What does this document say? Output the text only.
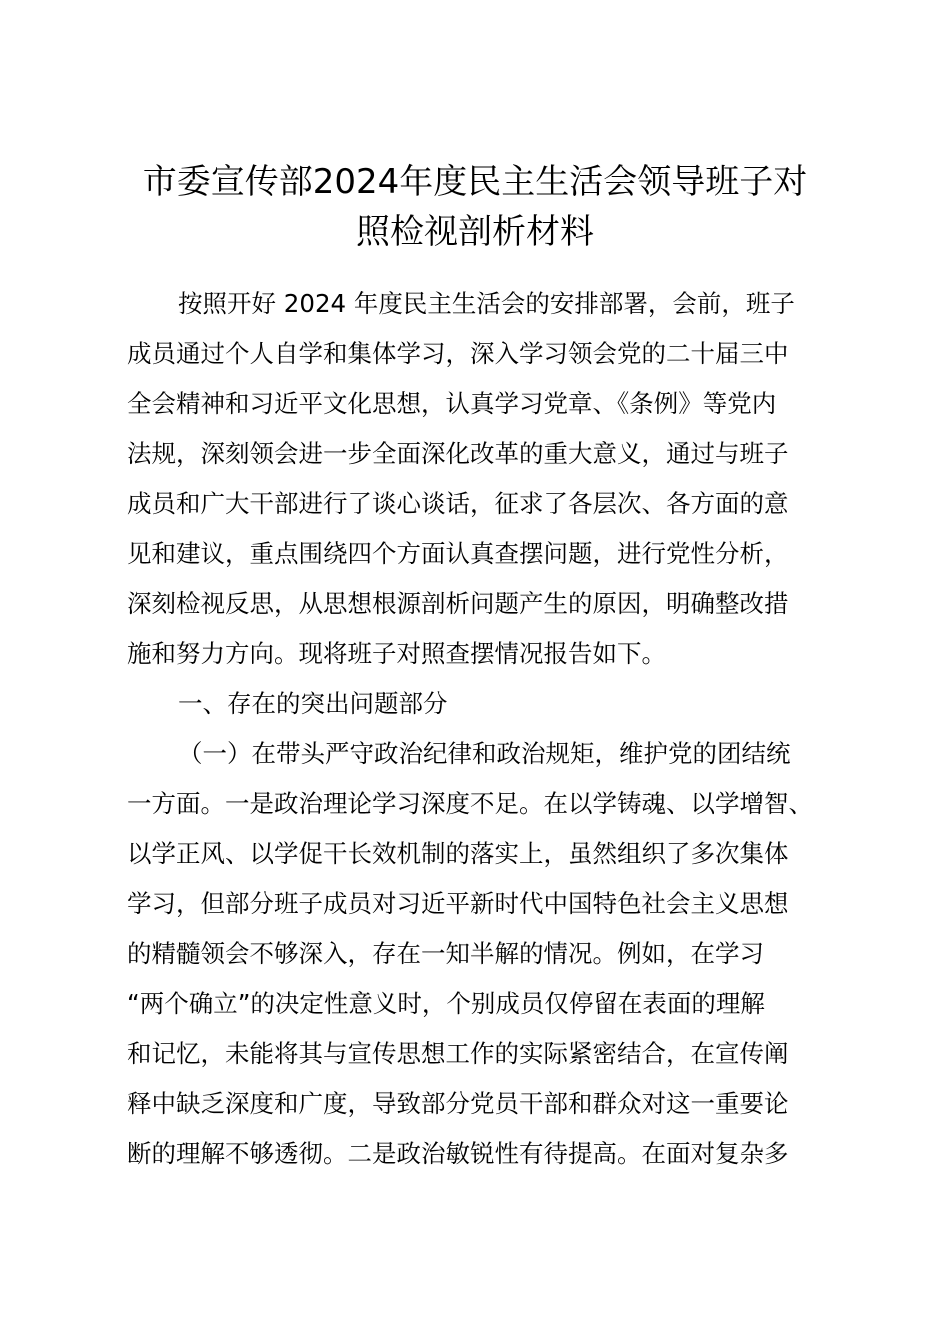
市委宣传部2024年度民主生活会领导班子对
照检视剖析材料

按照开好 2024 年度民主生活会的安排部署，会前，班子

成员通过个人自学和集体学习，深入学习领会党的二十届三中

全会精神和习近平文化思想，认真学习党章、《条例》等党内

法规，深刻领会进一步全面深化改革的重大意义，通过与班子

成员和广大干部进行了谈心谈话，征求了各层次、各方面的意

见和建议，重点围绕四个方面认真查摆问题，进行党性分析，

深刻检视反思，从思想根源剖析问题产生的原因，明确整改措

施和努力方向。现将班子对照查摆情况报告如下。

一、存在的突出问题部分

（一）在带头严守政治纪律和政治规矩，维护党的团结统

一方面。一是政治理论学习深度不足。在以学铸魂、以学增智、

以学正风、以学促干长效机制的落实上，虽然组织了多次集体

学习，但部分班子成员对习近平新时代中国特色社会主义思想

的精髓领会不够深入，存在一知半解的情况。例如，在学习

“两个确立”的决定性意义时，个别成员仅停留在表面的理解

和记忆，未能将其与宣传思想工作的实际紧密结合，在宣传阐

释中缺乏深度和广度，导致部分党员干部和群众对这一重要论

断的理解不够透彻。二是政治敏锐性有待提高。在面对复杂多
